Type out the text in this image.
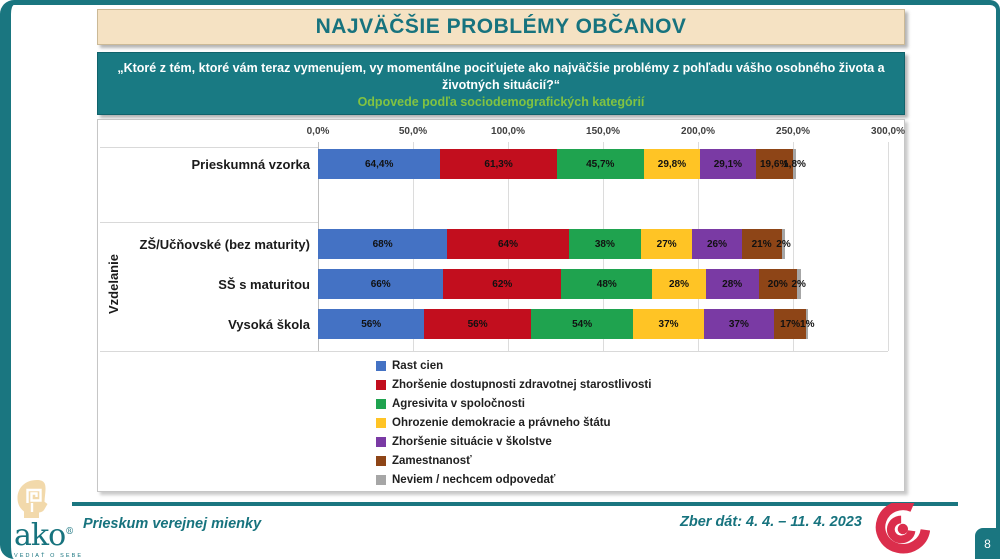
NAJVÄČŠIE PROBLÉMY OBČANOV
„Ktoré z tém, ktoré vám teraz vymenujem, vy momentálne pociťujete ako najväčšie problémy z pohľadu vášho osobného života a
životných situácií?“
Odpovede podľa sociodemografických kategórií
0,0%	50,0%	100,0%	150,0%	200,0%	250,0%	300,0%
Prieskumná vzorka	64,4%	61,3%	45,7%	29,8%	29,1% 19,6%
1,8%
ZŠ/Učňovské (bez maturity)	68%	64%	38%	27%	26% 21% 2%
SŠ s maturitou	66%	62%	48%	28%	28%	20% 2%
Vysoká škola	56%	56%	54%	37%	37%	17% 1%
Vzdelanie
Rast cien
Zhoršenie dostupnosti zdravotnej starostlivosti
Agresivita v spoločnosti
Ohrozenie demokracie a právneho štátu
Zhoršenie situácie v školstve
Zamestnanosť
Neviem / nechcem odpovedať
ako®
VEDIAŤ O SEBE
Prieskum verejnej mienky	Zber dát: 4. 4. – 11. 4. 2023
8
